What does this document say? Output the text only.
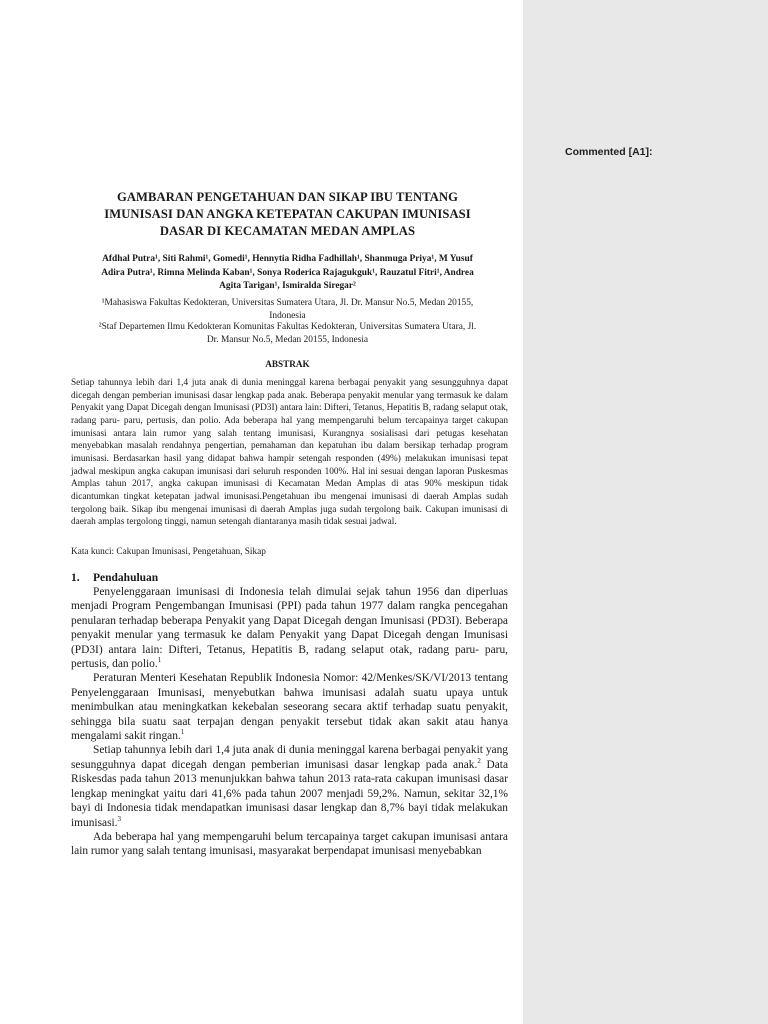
Commented [A1]:
GAMBARAN PENGETAHUAN DAN SIKAP IBU TENTANG
IMUNISASI DAN ANGKA KETEPATAN CAKUPAN IMUNISASI
DASAR DI KECAMATAN MEDAN AMPLAS
Afdhal Putra¹, Siti Rahmi¹, Gomedi¹, Hennytia Ridha Fadhillah¹, Shanmuga Priya¹, M Yusuf
Adira Putra¹, Rimna Melinda Kaban¹, Sonya Roderica Rajagukguk¹, Rauzatul Fitri¹, Andrea
Agita Tarigan¹, Ismiralda Siregar²
¹Mahasiswa Fakultas Kedokteran, Universitas Sumatera Utara, Jl. Dr. Mansur No.5, Medan 20155,
Indonesia
²Staf Departemen Ilmu Kedokteran Komunitas Fakultas Kedokteran, Universitas Sumatera Utara, Jl.
Dr. Mansur No.5, Medan 20155, Indonesia
ABSTRAK
Setiap tahunnya lebih dari 1,4 juta anak di dunia meninggal karena berbagai penyakit yang sesungguhnya dapat dicegah dengan pemberian imunisasi dasar lengkap pada anak. Beberapa penyakit menular yang termasuk ke dalam Penyakit yang Dapat Dicegah dengan Imunisasi (PD3I) antara lain: Difteri, Tetanus, Hepatitis B, radang selaput otak, radang paru- paru, pertusis, dan polio. Ada beberapa hal yang mempengaruhi belum tercapainya target cakupan imunisasi antara lain rumor yang salah tentang imunisasi, Kurangnya sosialisasi dari petugas kesehatan menyebabkan masalah rendahnya pengertian, pemahaman dan kepatuhan ibu dalam bersikap terhadap program imunisasi. Berdasarkan hasil yang didapat bahwa hampir setengah responden (49%) melakukan imunisasi tepat jadwal meskipun angka cakupan imunisasi dari seluruh responden 100%. Hal ini sesuai dengan laporan Puskesmas Amplas tahun 2017, angka cakupan imunisasi di Kecamatan Medan Amplas di atas 90% meskipun tidak dicantumkan tingkat ketepatan jadwal imunisasi.Pengetahuan ibu mengenai imunisasi di daerah Amplas sudah tergolong baik. Sikap ibu mengenai imunisasi di daerah Amplas juga sudah tergolong baik. Cakupan imunisasi di daerah amplas tergolong tinggi, namun setengah diantaranya masih tidak sesuai jadwal.
Kata kunci: Cakupan Imunisasi, Pengetahuan, Sikap
1. Pendahuluan

Penyelenggaraan imunisasi di Indonesia telah dimulai sejak tahun 1956 dan diperluas menjadi Program Pengembangan Imunisasi (PPI) pada tahun 1977 dalam rangka pencegahan penularan terhadap beberapa Penyakit yang Dapat Dicegah dengan Imunisasi (PD3I). Beberapa penyakit menular yang termasuk ke dalam Penyakit yang Dapat Dicegah dengan Imunisasi (PD3I) antara lain: Difteri, Tetanus, Hepatitis B, radang selaput otak, radang paru- paru, pertusis, dan polio.$^1$

Peraturan Menteri Kesehatan Republik Indonesia Nomor: 42/Menkes/SK/VI/2013 tentang Penyelenggaraan Imunisasi, menyebutkan bahwa imunisasi adalah suatu upaya untuk menimbulkan atau meningkatkan kekebalan seseorang secara aktif terhadap suatu penyakit, sehingga bila suatu saat terpajan dengan penyakit tersebut tidak akan sakit atau hanya mengalami sakit ringan.$^1$

Setiap tahunnya lebih dari 1,4 juta anak di dunia meninggal karena berbagai penyakit yang sesungguhnya dapat dicegah dengan pemberian imunisasi dasar lengkap pada anak.$^2$ Data Riskesdas pada tahun 2013 menunjukkan bahwa tahun 2013 rata-rata cakupan imunisasi dasar lengkap meningkat yaitu dari 41,6% pada tahun 2007 menjadi 59,2%. Namun, sekitar 32,1% bayi di Indonesia tidak mendapatkan imunisasi dasar lengkap dan 8,7% bayi tidak melakukan imunisasi.$^3$

Ada beberapa hal yang mempengaruhi belum tercapainya target cakupan imunisasi antara lain rumor yang salah tentang imunisasi, masyarakat berpendapat imunisasi menyebabkan
